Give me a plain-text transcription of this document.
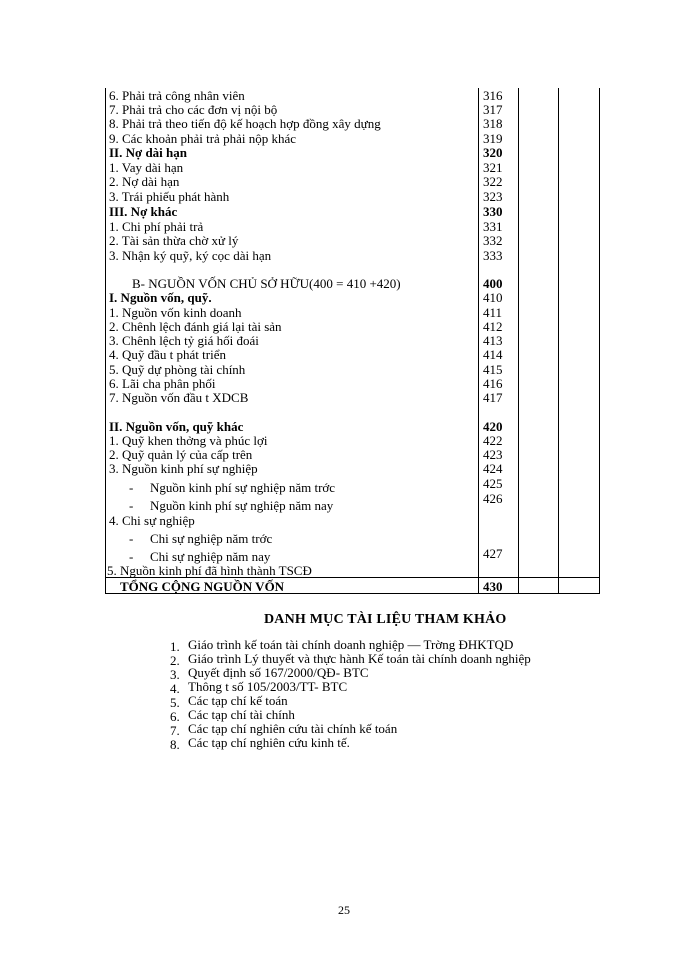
6. Phải trả công nhân viên	316
7. Phải trả cho các đơn vị nội bộ	317
8. Phải trả theo tiến độ kế hoạch hợp đồng xây dựng	318
9. Các khoản phải trả phải nộp khác	319
II. Nợ dài hạn	320
1. Vay dài hạn	321
2. Nợ dài hạn	322
3. Trái phiếu phát hành	323
III. Nợ khác	330
1. Chi phí phải trả	331
2. Tài sản thừa chờ xử lý	332
3. Nhận ký quỹ, ký cọc dài hạn	333
B- NGUỒN VỐN CHỦ SỞ HỮU(400 = 410 +420)	400
I. Nguồn vốn, quỹ.	410
1. Nguồn vốn kinh doanh	411
2. Chênh lệch đánh giá lại tài sản	412
3. Chênh lệch tỷ giá hối đoái	413
4. Quỹ đầu t phát triển	414
5. Quỹ dự phòng tài chính	415
6. Lãi cha phân phối	416
7. Nguồn vốn đầu t XDCB	417
II. Nguồn vốn, quỹ khác	420
1. Quỹ khen thởng và phúc lợi	422
2. Quỹ quản lý của cấp trên	423
3. Nguồn kinh phí sự nghiệp	424
- Nguồn kinh phí sự nghiệp năm trớc	425
- Nguồn kinh phí sự nghiệp năm nay	426
4. Chi sự nghiệp
- Chi sự nghiệp năm trớc
- Chi sự nghiệp năm nay	427
5. Nguồn kinh phí đã hình thành TSCĐ
TỔNG CỘNG NGUỒN VỐN	430
DANH MỤC TÀI LIỆU THAM KHẢO
1. Giáo trình kế toán tài chính doanh nghiệp — Trờng ĐHKTQD
2. Giáo trình Lý thuyết và thực hành Kế toán tài chính doanh nghiệp
3. Quyết định số 167/2000/QĐ- BTC
4. Thông t số 105/2003/TT- BTC
5. Các tạp chí kế toán
6. Các tạp chí tài chính
7. Các tạp chí nghiên cứu tài chính kế toán
8. Các tạp chí nghiên cứu kinh tế.
25
